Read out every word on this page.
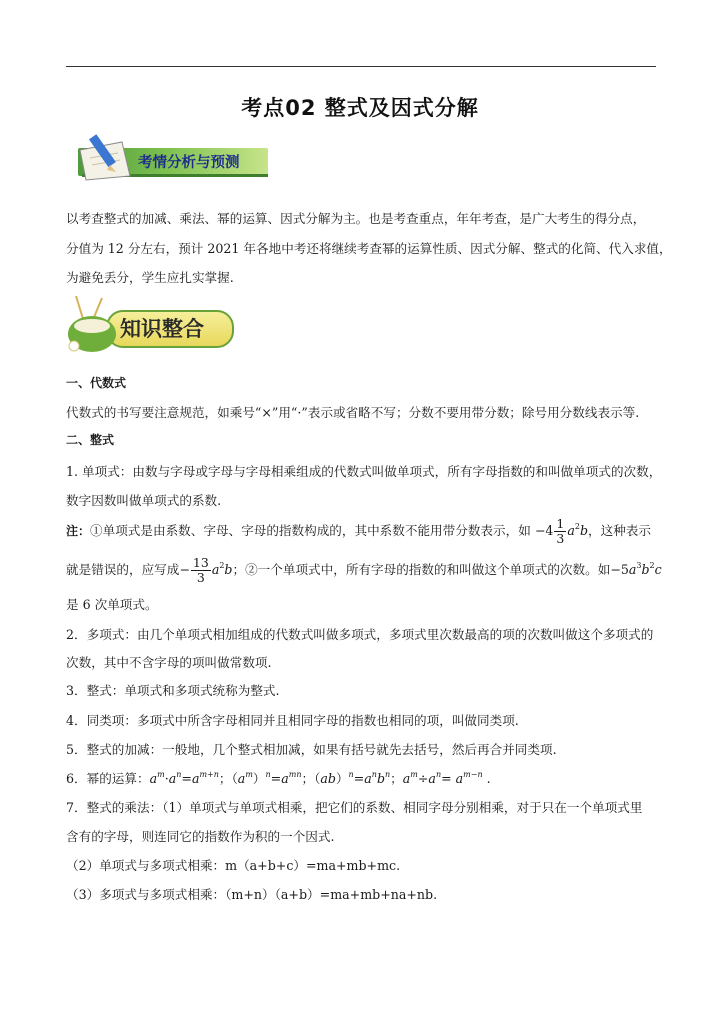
考点02 整式及因式分解
考情分析与预测
以考查整式的加减、乘法、幂的运算、因式分解为主。也是考查重点，年年考查，是广大考生的得分点，
分值为 12 分左右，预计 2021 年各地中考还将继续考查幂的运算性质、因式分解、整式的化简、代入求值，
为避免丢分，学生应扎实掌握.
知识整合
一、代数式
代数式的书写要注意规范，如乘号“×”用“·”表示或省略不写；分数不要用带分数；除号用分数线表示等.
二、整式
1. 单项式：由数与字母或字母与字母相乘组成的代数式叫做单项式，所有字母指数的和叫做单项式的次数，
数字因数叫做单项式的系数.
注：①单项式是由系数、字母、字母的指数构成的，其中系数不能用带分数表示，如 $-4 \frac{1}{3} a^2b$，这种表示
就是错误的，应写成− $\frac{13}{3} a^2b$；②一个单项式中，所有字母的指数的和叫做这个单项式的次数。如$-5a^3b^2c$
是 6 次单项式。
2．多项式：由几个单项式相加组成的代数式叫做多项式，多项式里次数最高的项的次数叫做这个多项式的
次数，其中不含字母的项叫做常数项.
3．整式：单项式和多项式统称为整式.
4．同类项：多项式中所含字母相同并且相同字母的指数也相同的项，叫做同类项.
5．整式的加减：一般地，几个整式相加减，如果有括号就先去括号，然后再合并同类项.
6．幂的运算：$a^m\cdot a^n=a^{m+n}$；$(a^m)^n=a^{mn}$；$(ab)^n=a^nb^n$；$a^m\div a^n= a^{m-n}$ .
7．整式的乘法：（1）单项式与单项式相乘，把它们的系数、相同字母分别相乘，对于只在一个单项式里
含有的字母，则连同它的指数作为积的一个因式.
（2）单项式与多项式相乘：m（a+b+c）=ma+mb+mc.
（3）多项式与多项式相乘：（m+n）（a+b）=ma+mb+na+nb.
